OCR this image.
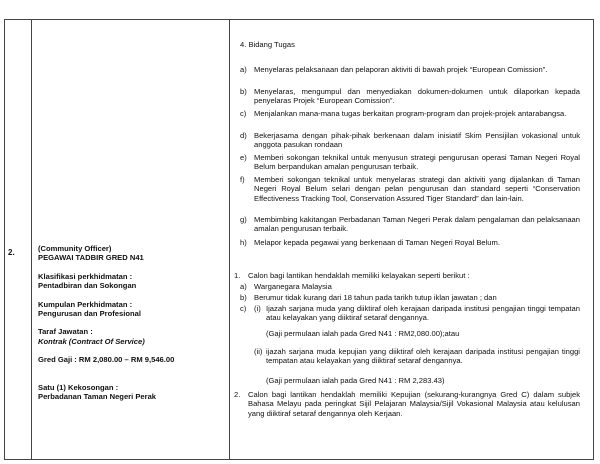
2.	(Community Officer)
PEGAWAI TADBIR GRED N41
Klasifikasi perkhidmatan :
Pentadbiran dan Sokongan
Kumpulan Perkhidmatan :
Pengurusan dan Profesional
Taraf Jawatan :
Kontrak (Contract Of Service)
Gred Gaji : RM 2,080.00 – RM 9,546.00
Satu (1) Kekosongan :
Perbadanan Taman Negeri Perak
4. Bidang Tugas
a) Menyelaras pelaksanaan dan pelaporan aktiviti di bawah projek “European Comission”.
b) Menyelaras, mengumpul dan menyediakan dokumen-dokumen untuk dilaporkan kepada penyelaras Projek “European Comission”.
c) Menjalankan mana-mana tugas berkaitan program-program dan projek-projek antarabangsa.
d) Bekerjasama dengan pihak-pihak berkenaan dalam inisiatif Skim Pensijilan vokasional untuk anggota pasukan rondaan
e) Memberi sokongan teknikal untuk menyusun strategi pengurusan operasi Taman Negeri Royal Belum berpandukan amalan pengurusan terbaik.
f) Memberi sokongan teknikal untuk menyelaras strategi dan aktiviti yang dijalankan di Taman Negeri Royal Belum selari dengan pelan pengurusan dan standard seperti “Conservation Effectiveness Tracking Tool, Conservation Assured Tiger Standard” dan lain-lain.
g) Membimbing kakitangan Perbadanan Taman Negeri Perak dalam pengalaman dan pelaksanaan amalan pengurusan terbaik.
h) Melapor kepada pegawai yang berkenaan di Taman Negeri Royal Belum.
1. Calon bagi lantikan hendaklah memiliki kelayakan seperti berikut :
a) Warganegara Malaysia
b) Berumur tidak kurang dari 18 tahun pada tarikh tutup iklan jawatan ; dan
c) (i) Ijazah sarjana muda yang diiktiraf oleh kerajaan daripada institusi pengajian tinggi tempatan atau kelayakan yang diiktiraf setaraf dengannya.
(Gaji permulaan ialah pada Gred N41 : RM2,080.00);atau
(ii) ijazah sarjana muda kepujian yang diiktiraf oleh kerajaan daripada institusi pengajian tinggi tempatan atau kelayakan yang diiktiraf setaraf dengannya.
(Gaji permulaan ialah pada Gred N41 : RM 2,283.43)
2. Calon bagi lantikan hendaklah memiliki Kepujian (sekurang-kurangnya Gred C) dalam subjek Bahasa Melayu pada peringkat Sijil Pelajaran Malaysia/Sijil Vokasional Malaysia atau kelulusan yang diiktiraf setaraf dengannya oleh Kerjaan.
